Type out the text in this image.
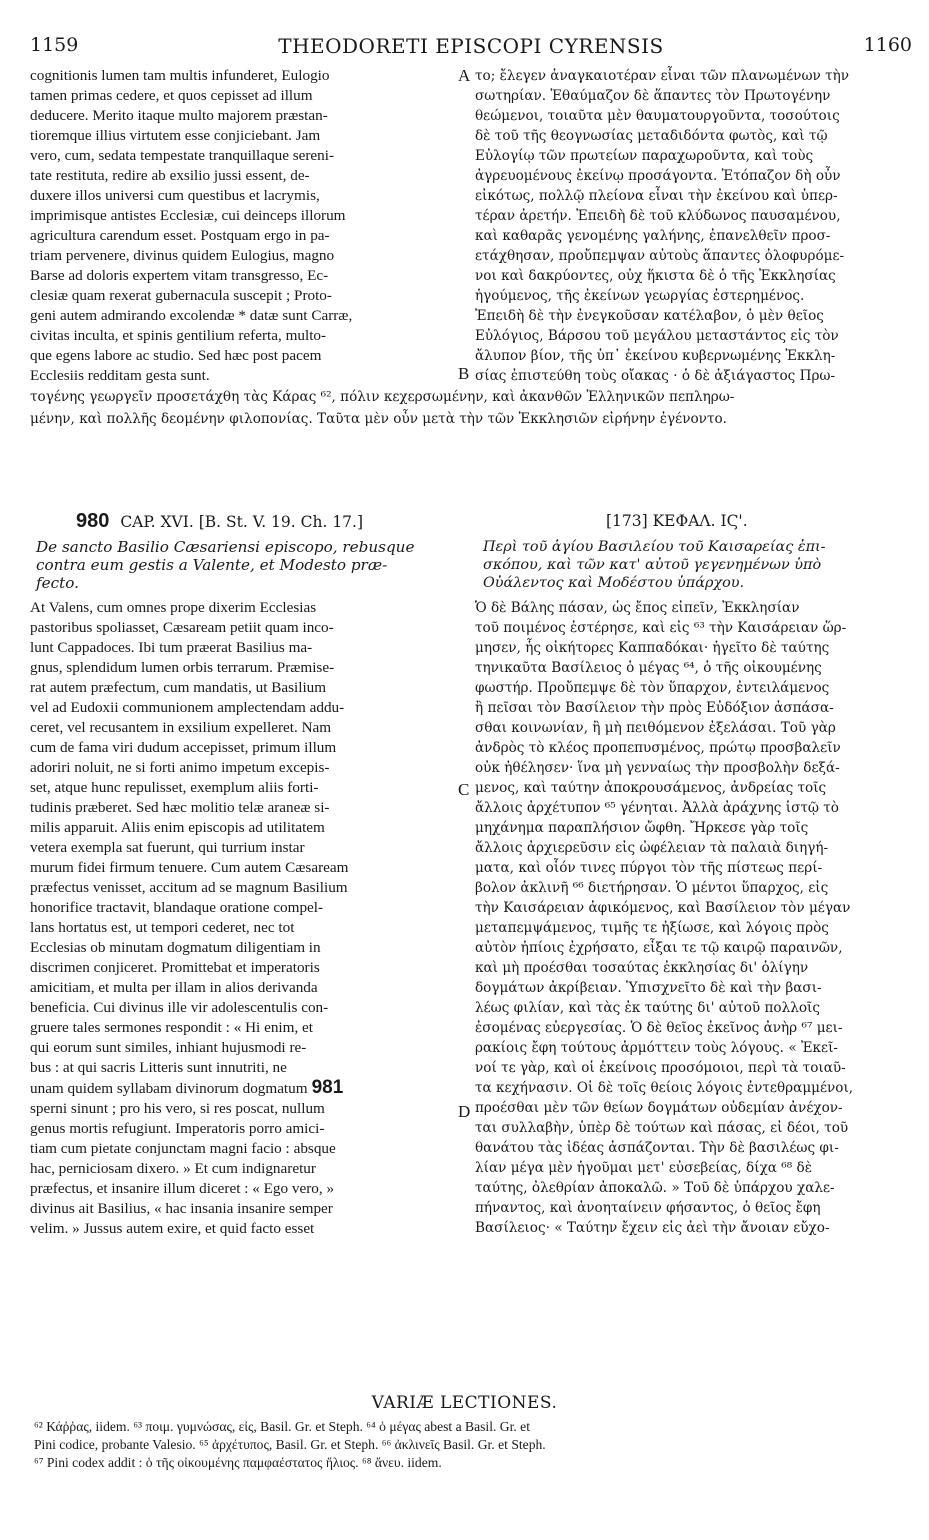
1159	THEODORETI EPISCOPI CYRENSIS	1160
cognitionis lumen tam multis infunderet, Eulogio
tamen primas cedere, et quos cepisset ad illum
deducere. Merito itaque multo majorem præstan-
tioremque illius virtutem esse conjiciebant. Jam
vero, cum, sedata tempestate tranquillaque sereni-
tate restituta, redire ab exsilio jussi essent, de-
duxere illos universi cum questibus et lacrymis,
imprimisque antistes Ecclesiæ, cui deinceps illorum
agricultura carendum esset. Postquam ergo in pa-
triam pervenere, divinus quidem Eulogius, magno
Barse ad doloris expertem vitam transgresso, Ec-
clesiæ quam rexerat gubernacula suscepit ; Proto-
geni autem admirando excolendæ * datæ sunt Carræ,
civitas inculta, et spinis gentilium referta, multo-
que egens labore ac studio. Sed hæc post pacem
Ecclesiis redditam gesta sunt.
το; ἔλεγεν ἀναγκαιοτέραν εἶναι τῶν πλανωμένων τὴν
σωτηρίαν. Ἐθαύμαζον δὲ ἅπαντες τὸν Πρωτογένην
θεώμενοι, τοιαῦτα μὲν θαυματουργοῦντα, τοσούτοις
δὲ τοῦ τῆς θεογνωσίας μεταδιδόντα φωτὸς, καὶ τῷ
Εὐλογίῳ τῶν πρωτείων παραχωροῦντα, καὶ τοὺς
ἀγρευομένους ἐκείνῳ προσάγοντα. Ἐτόπαζον δὴ οὖν
εἰκότως, πολλῷ πλείονα εἶναι τὴν ἐκείνου καὶ ὑπερ-
τέραν ἀρετήν. Ἐπειδὴ δὲ τοῦ κλύδωνος παυσαμένου,
καὶ καθαρᾶς γενομένης γαλήνης, ἐπανελθεῖν προσ-
ετάχθησαν, προὔπεμψαν αὐτοὺς ἅπαντες ὀλοφυρόμε-
νοι καὶ δακρύοντες, οὐχ ἥκιστα δὲ ὁ τῆς Ἐκκλησίας
ἡγούμενος, τῆς ἐκείνων γεωργίας ἐστερημένος.
Ἐπειδὴ δὲ τὴν ἐνεγκοῦσαν κατέλαβον, ὁ μὲν θεῖος
Εὐλόγιος, Βάρσου τοῦ μεγάλου μεταστάντος εἰς τὸν
ἄλυπον βίον, τῆς ὑπ᾿ ἐκείνου κυβερνωμένης Ἐκκλη-
σίας ἐπιστεύθη τοὺς οἴακας · ὁ δὲ ἀξιάγαστος Πρω-
A
B
τογένης γεωργεῖν προσετάχθη τὰς Κάρας ⁶², πόλιν κεχερσωμένην, καὶ ἀκανθῶν Ἑλληνικῶν πεπληρω-
μένην, καὶ πολλῆς δεομένην φιλοπονίας. Ταῦτα μὲν οὖν μετὰ τὴν τῶν Ἐκκλησιῶν εἰρήνην ἐγένοντο.
980 CAP. XVI. [B. St. V. 19. Ch. 17.]	[173] ΚΕΦΑΛ. ΙϚ'.
De sancto Basilio Cæsariensi episcopo, rebusque
contra eum gestis a Valente, et Modesto præ-
fecto.
Περὶ τοῦ ἁγίου Βασιλείου τοῦ Καισαρείας ἐπι-
σκόπου, καὶ τῶν κατ' αὐτοῦ γεγενημένων ὑπὸ
Οὐάλεντος καὶ Μοδέστου ὑπάρχου.
At Valens, cum omnes prope dixerim Ecclesias
pastoribus spoliasset, Cæsaream petiit quam inco-
lunt Cappadoces. Ibi tum præerat Basilius ma-
gnus, splendidum lumen orbis terrarum. Præmise-
rat autem præfectum, cum mandatis, ut Basilium
vel ad Eudoxii communionem amplectendam addu-
ceret, vel recusantem in exsilium expelleret. Nam
cum de fama viri dudum accepisset, primum illum
adoriri noluit, ne si forti animo impetum excepis-
set, atque hunc repulisset, exemplum aliis forti-
tudinis præberet. Sed hæc molitio telæ araneæ si-
milis apparuit. Aliis enim episcopis ad utilitatem
vetera exempla sat fuerunt, qui turrium instar
murum fidei firmum tenuere. Cum autem Cæsaream
præfectus venisset, accitum ad se magnum Basilium
honorifice tractavit, blandaque oratione compel-
lans hortatus est, ut tempori cederet, nec tot
Ecclesias ob minutam dogmatum diligentiam in
discrimen conjiceret. Promittebat et imperatoris
amicitiam, et multa per illam in alios derivanda
beneficia. Cui divinus ille vir adolescentulis con-
gruere tales sermones respondit : « Hi enim, et
qui eorum sunt similes, inhiant hujusmodi re-
bus : at qui sacris Litteris sunt innutriti, ne
unam quidem syllabam divinorum dogmatum 981
sperni sinunt ; pro his vero, si res poscat, nullum
genus mortis refugiunt. Imperatoris porro amici-
tiam cum pietate conjunctam magni facio : absque
hac, perniciosam dixero. » Et cum indignaretur
præfectus, et insanire illum diceret : « Ego vero, »
divinus ait Basilius, « hac insania insanire semper
velim. » Jussus autem exire, et quid facto esset
Ὁ δὲ Βάλης πάσαν, ὡς ἔπος εἰπεῖν, Ἐκκλησίαν
τοῦ ποιμένος ἐστέρησε, καὶ εἰς ⁶³ τὴν Καισάρειαν ὥρ-
μησεν, ἧς οἰκήτορες Καππαδόκαι· ἡγεῖτο δὲ ταύτης
τηνικαῦτα Βασίλειος ὁ μέγας ⁶⁴, ὁ τῆς οἰκουμένης
φωστήρ. Προὔπεμψε δὲ τὸν ὕπαρχον, ἐντειλάμενος
ἢ πεῖσαι τὸν Βασίλειον τὴν πρὸς Εὐδόξιον ἀσπάσα-
σθαι κοινωνίαν, ἢ μὴ πειθόμενον ἐξελάσαι. Τοῦ γὰρ
ἀνδρὸς τὸ κλέος προπεπυσμένος, πρώτῳ προσβαλεῖν
οὐκ ἠθέλησεν· ἵνα μὴ γενναίως τὴν προσβολὴν δεξά-
μενος, καὶ ταύτην ἀποκρουσάμενος, ἀνδρείας τοῖς
ἄλλοις ἀρχέτυπον ⁶⁵ γένηται. Ἀλλὰ ἀράχνης ἱστῷ τὸ
μηχάνημα παραπλήσιον ὤφθη. Ἤρκεσε γὰρ τοῖς
ἄλλοις ἀρχιερεῦσιν εἰς ὠφέλειαν τὰ παλαιὰ διηγή-
ματα, καὶ οἷόν τινες πύργοι τὸν τῆς πίστεως περί-
βολον ἀκλινῆ ⁶⁶ διετήρησαν. Ὁ μέντοι ὕπαρχος, εἰς
τὴν Καισάρειαν ἀφικόμενος, καὶ Βασίλειον τὸν μέγαν
μεταπεμψάμενος, τιμῆς τε ἠξίωσε, καὶ λόγοις πρὸς
αὐτὸν ἠπίοις ἐχρήσατο, εἶξαι τε τῷ καιρῷ παραινῶν,
καὶ μὴ προέσθαι τοσαύτας ἐκκλησίας δι' ὀλίγην
δογμάτων ἀκρίβειαν. Ὑπισχνεῖτο δὲ καὶ τὴν βασι-
λέως φιλίαν, καὶ τὰς ἐκ ταύτης δι' αὐτοῦ πολλοῖς
ἐσομένας εὐεργεσίας. Ὁ δὲ θεῖος ἐκεῖνος ἀνὴρ ⁶⁷ μει-
ρακίοις ἔφη τούτους ἁρμόττειν τοὺς λόγους. « Ἐκεῖ-
νοί τε γὰρ, καὶ οἱ ἐκείνοις προσόμοιοι, περὶ τὰ τοιαῦ-
τα κεχήνασιν. Οἱ δὲ τοῖς θείοις λόγοις ἐντεθραμμένοι,
προέσθαι μὲν τῶν θείων δογμάτων οὐδεμίαν ἀνέχον-
ται συλλαβὴν, ὑπὲρ δὲ τούτων καὶ πάσας, εἰ δέοι, τοῦ
θανάτου τὰς ἰδέας ἀσπάζονται. Τὴν δὲ βασιλέως φι-
λίαν μέγα μὲν ἡγοῦμαι μετ' εὐσεβείας, δίχα ⁶⁸ δὲ
ταύτης, ὀλεθρίαν ἀποκαλῶ. » Τοῦ δὲ ὑπάρχου χαλε-
πήναντος, καὶ ἀνοηταίνειν φήσαντος, ὁ θεῖος ἔφη
Βασίλειος· « Ταύτην ἔχειν εἰς ἀεὶ τὴν ἄνοιαν εὔχο-
C
D
VARIÆ LECTIONES.
⁶² Κάῤῥας, iidem. ⁶³ ποιμ. γυμνώσας, εἰς, Basil. Gr. et Steph. ⁶⁴ ὁ μέγας abest a Basil. Gr. et
Pini codice, probante Valesio. ⁶⁵ ἀρχέτυπος, Basil. Gr. et Steph. ⁶⁶ ἀκλινεῖς Basil. Gr. et Steph.
⁶⁷ Pini codex addit : ὁ τῆς οἰκουμένης παμφαέστατος ἥλιος. ⁶⁸ ἄνευ. iidem.
